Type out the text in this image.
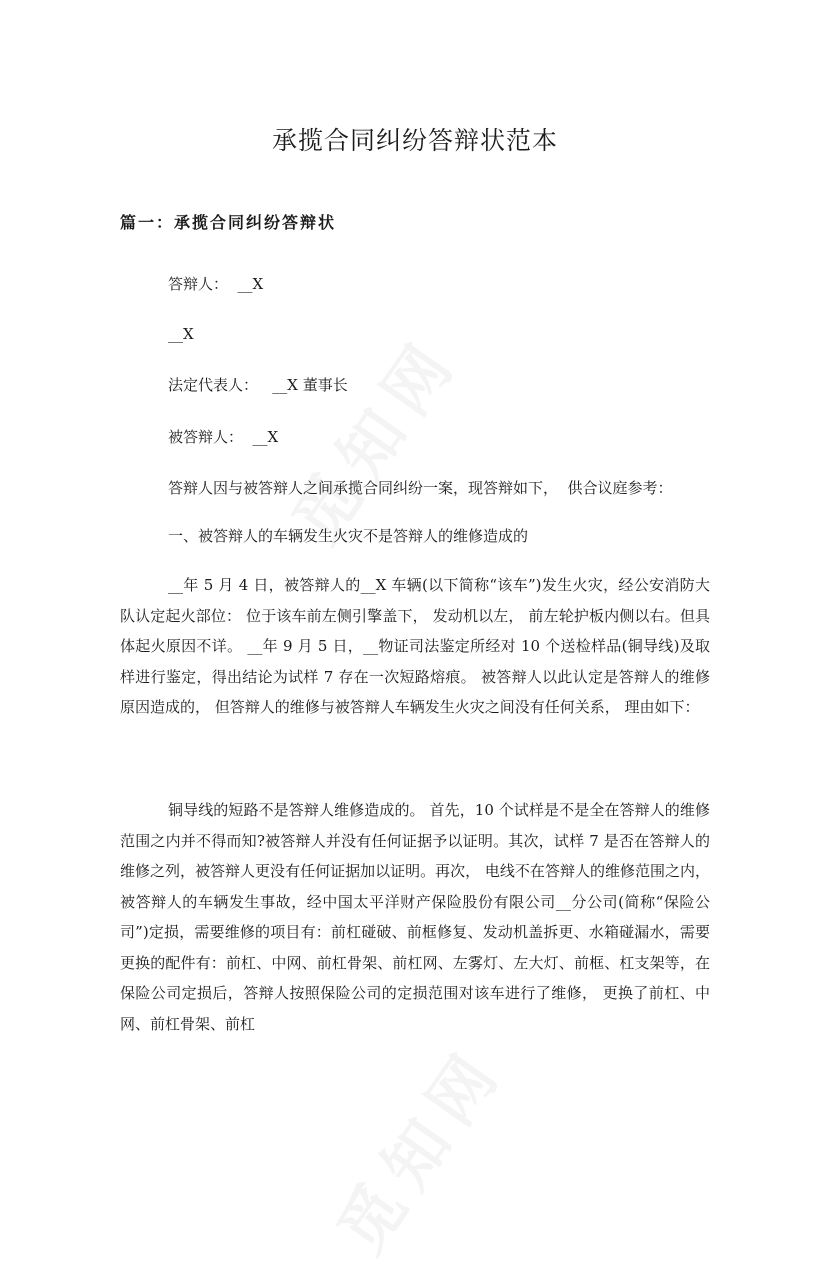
承揽合同纠纷答辩状范本
篇一：承揽合同纠纷答辩状

答辩人：  __X

__X

法定代表人：   __X 董事长

被答辩人：  __X

答辩人因与被答辩人之间承揽合同纠纷一案，现答辩如下，  供合议庭参考：

一、被答辩人的车辆发生火灾不是答辩人的维修造成的

__年 5 月 4 日，被答辩人的__X 车辆(以下简称“该车”)发生火灾，经公安消防大队认定起火部位： 位于该车前左侧引擎盖下， 发动机以左， 前左轮护板内侧以右。但具体起火原因不详。 __年 9 月 5 日，__物证司法鉴定所经对 10 个送检样品(铜导线)及取样进行鉴定，得出结论为试样 7 存在一次短路熔痕。 被答辩人以此认定是答辩人的维修原因造成的， 但答辩人的维修与被答辩人车辆发生火灾之间没有任何关系， 理由如下：

铜导线的短路不是答辩人维修造成的。 首先，10 个试样是不是全在答辩人的维修范围之内并不得而知?被答辩人并没有任何证据予以证明。其次，试样 7 是否在答辩人的维修之列，被答辩人更没有任何证据加以证明。再次， 电线不在答辩人的维修范围之内， 被答辩人的车辆发生事故，经中国太平洋财产保险股份有限公司__分公司(简称“保险公司”)定损，需要维修的项目有：前杠碰破、前框修复、发动机盖拆更、水箱碰漏水，需要更换的配件有：前杠、中网、前杠骨架、前杠网、左雾灯、左大灯、前框、杠支架等，在保险公司定损后，答辩人按照保险公司的定损范围对该车进行了维修， 更换了前杠、中网、前杠骨架、前杠
